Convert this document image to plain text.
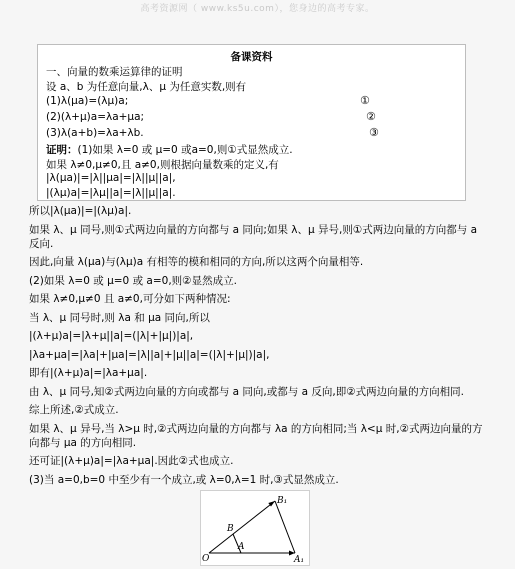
高考资源网（ www.ks5u.com），您身边的高考专家。
备课资料
一、向量的数乘运算律的证明
设 a、b 为任意向量,λ、μ 为任意实数,则有
(1)λ(μa)=(λμ)a;	①
(2)(λ+μ)a=λa+μa;	②
(3)λ(a+b)=λa+λb.	③
证明：(1)如果 λ=0 或 μ=0 或a=0,则①式显然成立.
如果 λ≠0,μ≠0,且 a≠0,则根据向量数乘的定义,有
|λ(μa)|=|λ||μa|=|λ||μ||a|,
|(λμ)a|=|λμ||a|=|λ||μ||a|.

所以|λ(μa)|=|(λμ)a|.

如果 λ、μ 同号,则①式两边向量的方向都与 a 同向;如果 λ、μ 异号,则①式两边向量的方向都与 a 反向.

因此,向量 λ(μa)与(λμ)a 有相等的模和相同的方向,所以这两个向量相等.

(2)如果 λ=0 或 μ=0 或 a=0,则②显然成立.

如果 λ≠0,μ≠0 且 a≠0,可分如下两种情况:

当 λ、μ 同号时,则 λa 和 μa 同向,所以

|(λ+μ)a|=|λ+μ||a|=(|λ|+|μ|)|a|,

|λa+μa|=|λa|+|μa|=|λ||a|+|μ||a|=(|λ|+|μ|)|a|,

即有|(λ+μ)a|=|λa+μa|.

由 λ、μ 同号,知②式两边向量的方向或都与 a 同向,或都与 a 反向,即②式两边向量的方向相同.

综上所述,②式成立.

如果 λ、μ 异号,当 λ>μ 时,②式两边向量的方向都与 λa 的方向相同;当 λ<μ 时,②式两边向量的方向都与 μa 的方向相同.

还可证|(λ+μ)a|=|λa+μa|.因此②式也成立.

(3)当 a=0,b=0 中至少有一个成立,或 λ=0,λ=1 时,③式显然成立.

O
A
A₁
B
B₁
